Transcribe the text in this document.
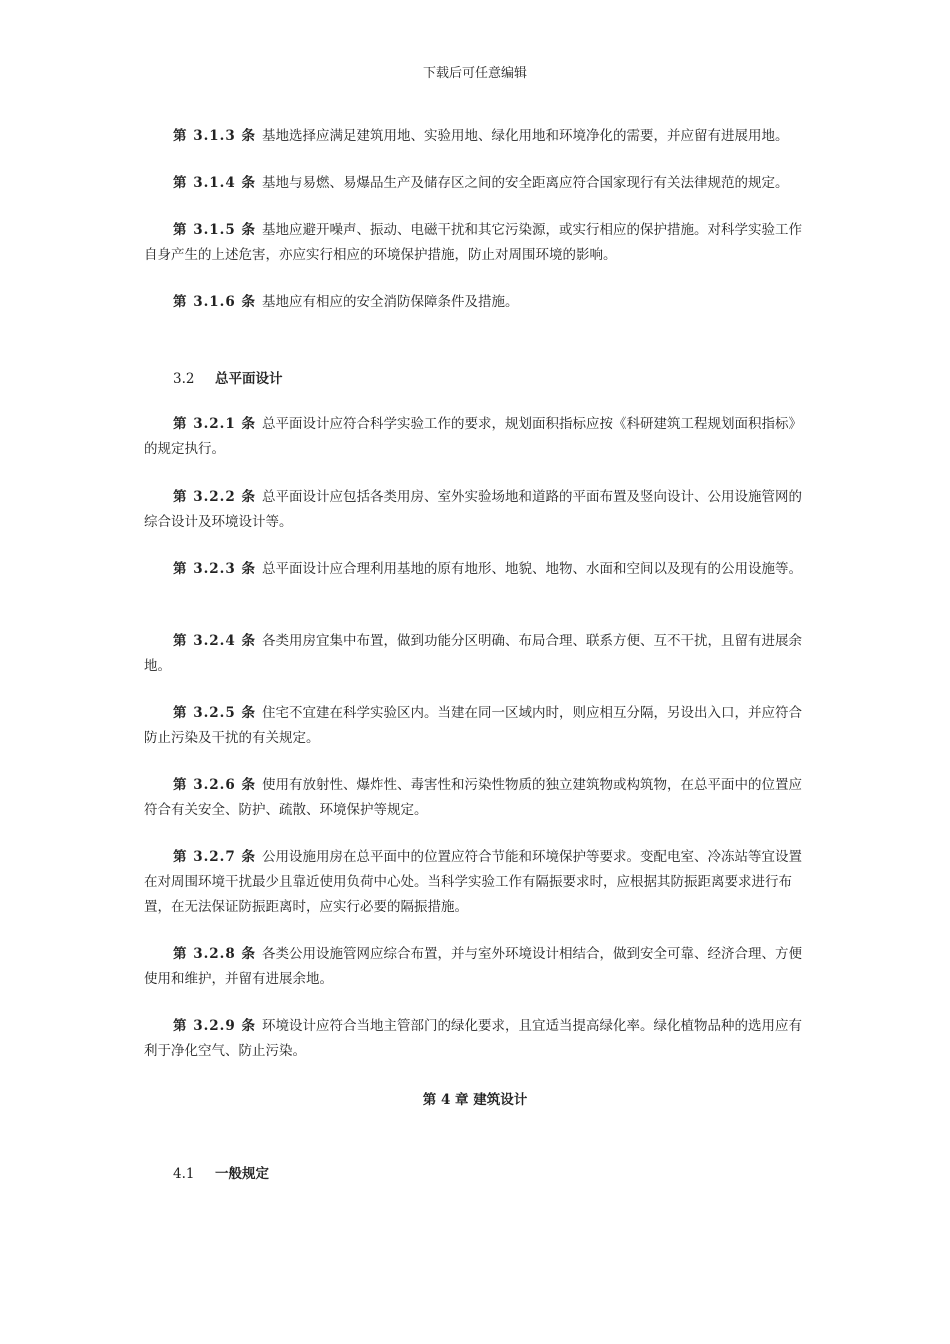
下载后可任意编辑

第 3.1.3 条 基地选择应满足建筑用地、实验用地、绿化用地和环境净化的需要，并应留有进展用地。

第 3.1.4 条 基地与易燃、易爆品生产及储存区之间的安全距离应符合国家现行有关法律规范的规定。

第 3.1.5 条 基地应避开噪声、振动、电磁干扰和其它污染源，或实行相应的保护措施。对科学实验工作自身产生的上述危害，亦应实行相应的环境保护措施，防止对周围环境的影响。

第 3.1.6 条 基地应有相应的安全消防保障条件及措施。

3.2 总平面设计

第 3.2.1 条 总平面设计应符合科学实验工作的要求，规划面积指标应按《科研建筑工程规划面积指标》的规定执行。

第 3.2.2 条 总平面设计应包括各类用房、室外实验场地和道路的平面布置及竖向设计、公用设施管网的综合设计及环境设计等。

第 3.2.3 条 总平面设计应合理利用基地的原有地形、地貌、地物、水面和空间以及现有的公用设施等。

第 3.2.4 条 各类用房宜集中布置，做到功能分区明确、布局合理、联系方便、互不干扰，且留有进展余地。

第 3.2.5 条 住宅不宜建在科学实验区内。当建在同一区域内时，则应相互分隔，另设出入口，并应符合防止污染及干扰的有关规定。

第 3.2.6 条 使用有放射性、爆炸性、毒害性和污染性物质的独立建筑物或构筑物，在总平面中的位置应符合有关安全、防护、疏散、环境保护等规定。

第 3.2.7 条 公用设施用房在总平面中的位置应符合节能和环境保护等要求。变配电室、冷冻站等宜设置在对周围环境干扰最少且靠近使用负荷中心处。当科学实验工作有隔振要求时，应根据其防振距离要求进行布置，在无法保证防振距离时，应实行必要的隔振措施。

第 3.2.8 条 各类公用设施管网应综合布置，并与室外环境设计相结合，做到安全可靠、经济合理、方便使用和维护，并留有进展余地。

第 3.2.9 条 环境设计应符合当地主管部门的绿化要求，且宜适当提高绿化率。绿化植物品种的选用应有利于净化空气、防止污染。

第 4 章 建筑设计

4.1 一般规定
